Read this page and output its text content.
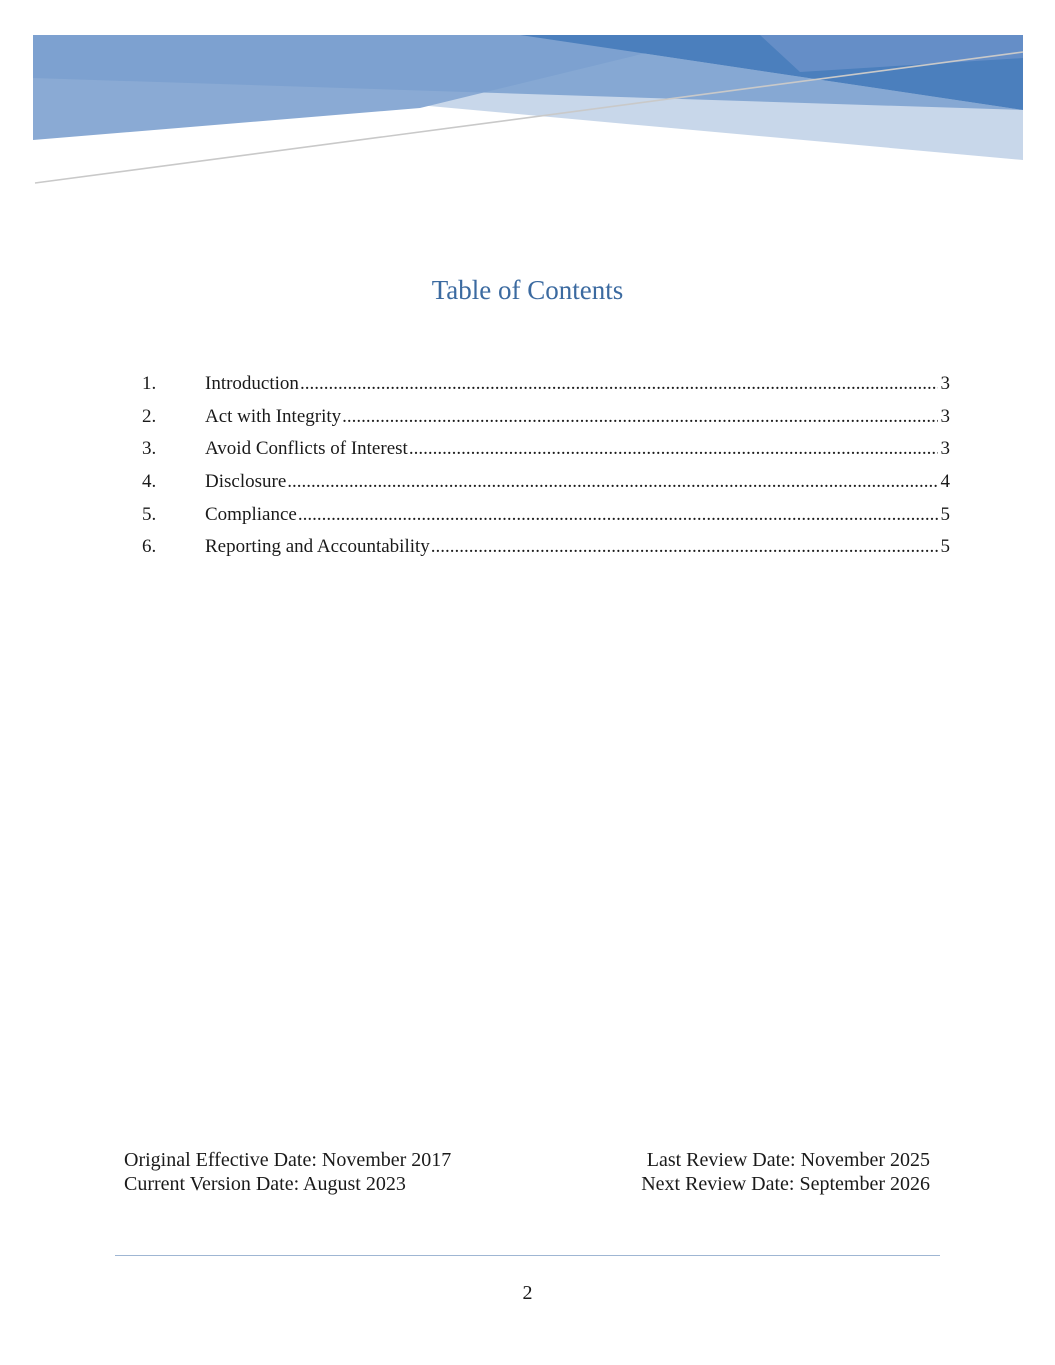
Table of Contents
1.	Introduction .....	3
2.	Act with Integrity .....	3
3.	Avoid Conflicts of Interest .....	3
4.	Disclosure .....	4
5.	Compliance .....	5
6.	Reporting and Accountability .....	5
Original Effective Date: November 2017
Current Version Date: August 2023
Last Review Date: November 2025
Next Review Date: September 2026
2
